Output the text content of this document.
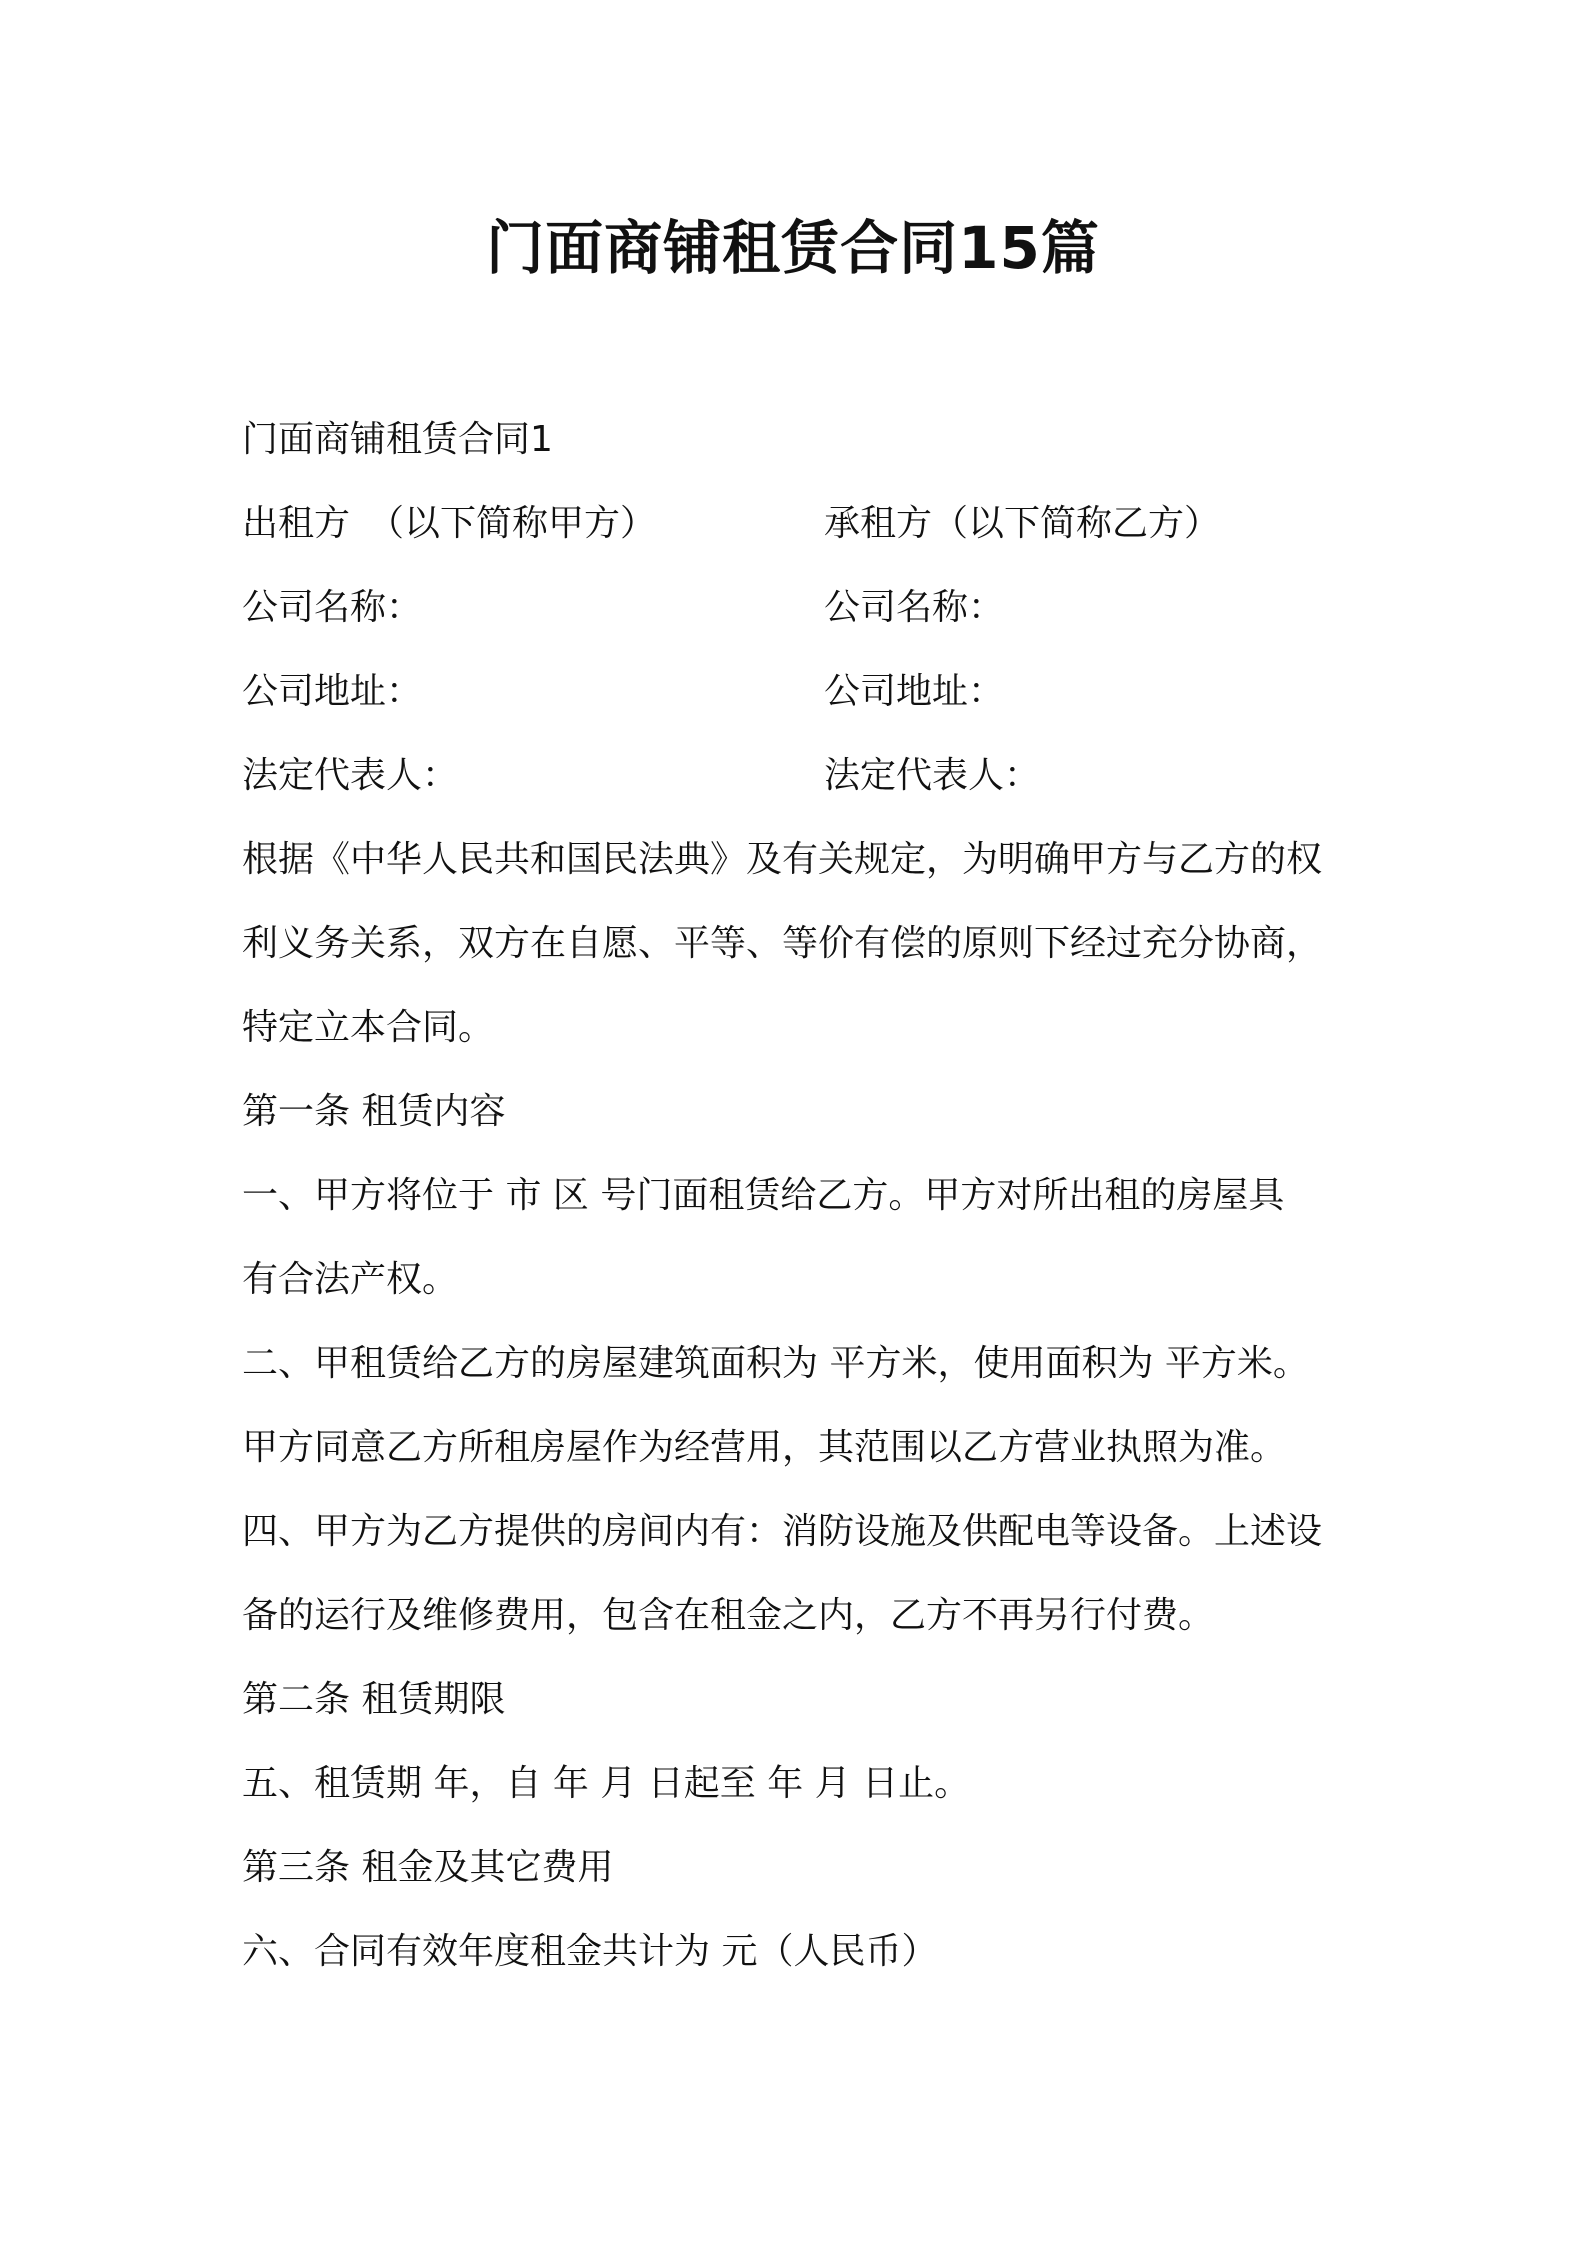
门面商铺租赁合同15篇
门面商铺租赁合同1
出租方　（以下简称甲方）	承租方（以下简称乙方）
公司名称：	公司名称：
公司地址：	公司地址：
法定代表人：	法定代表人：
根据《中华人民共和国民法典》及有关规定，为明确甲方与乙方的权
利义务关系，双方在自愿、平等、等价有偿的原则下经过充分协商，
特定立本合同。
第一条 租赁内容
一、甲方将位于 市 区 号门面租赁给乙方。甲方对所出租的房屋具
有合法产权。
二、甲租赁给乙方的房屋建筑面积为 平方米，使用面积为 平方米。
甲方同意乙方所租房屋作为经营用，其范围以乙方营业执照为准。
四、甲方为乙方提供的房间内有：消防设施及供配电等设备。上述设
备的运行及维修费用，包含在租金之内，乙方不再另行付费。
第二条 租赁期限
五、租赁期 年，自 年 月 日起至 年 月 日止。
第三条 租金及其它费用
六、合同有效年度租金共计为 元（人民币）
